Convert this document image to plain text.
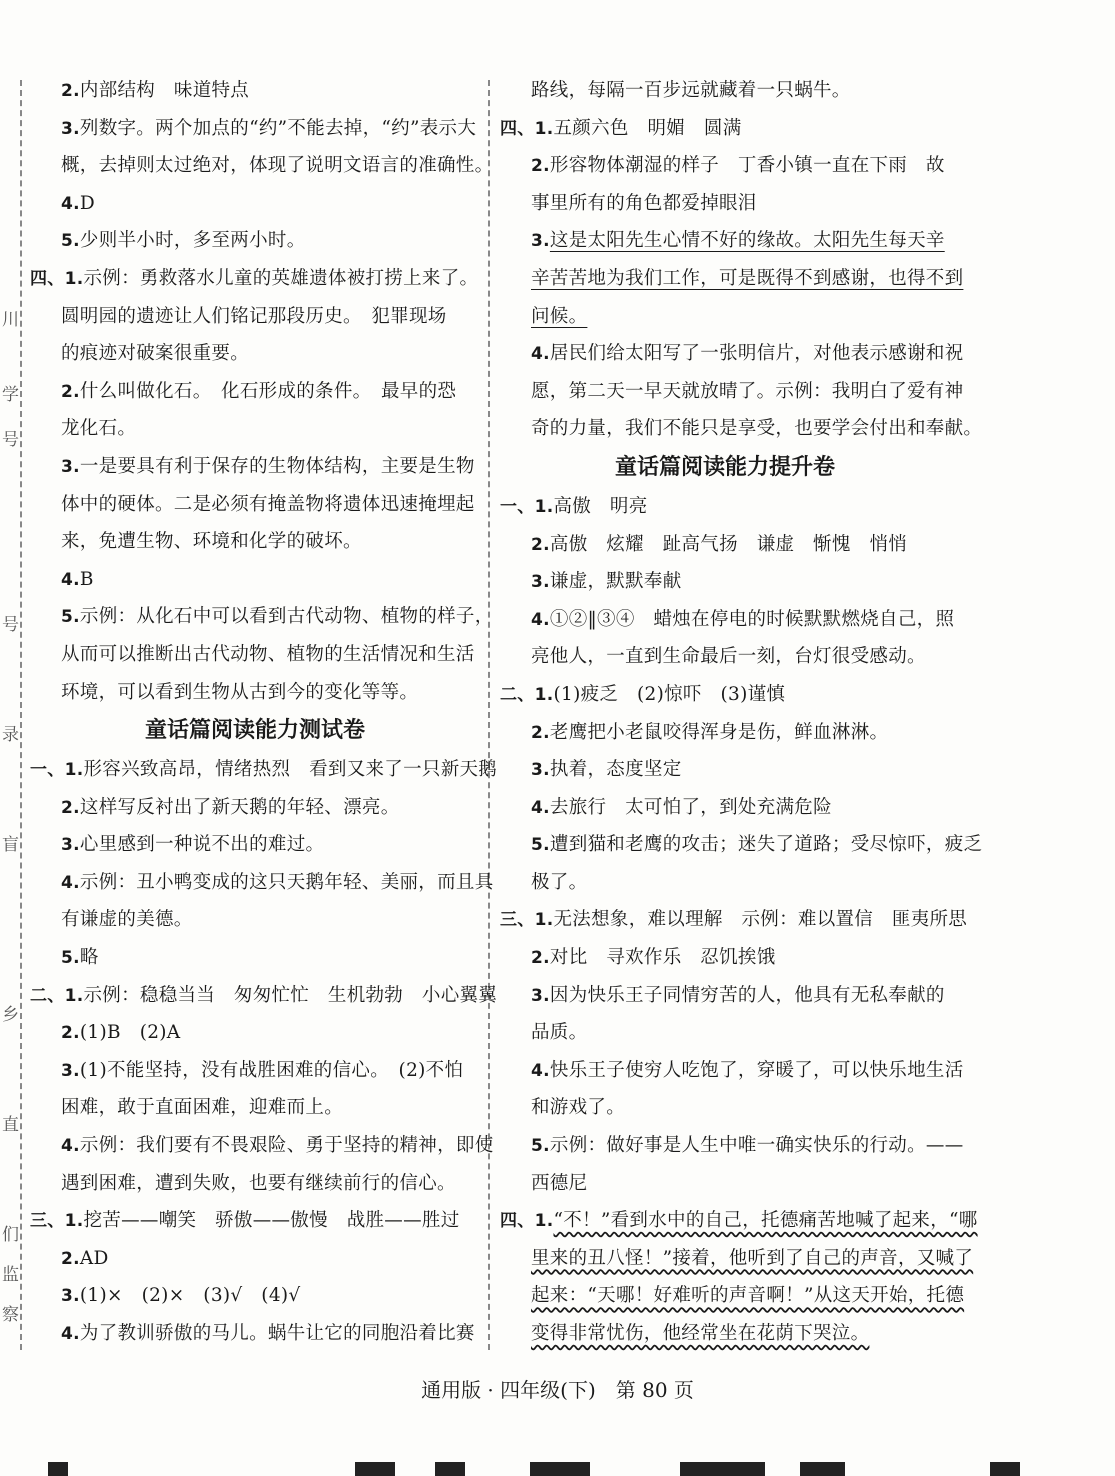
川
学
号
号
录
盲
乡
直
们
监
察
2.内部结构　味道特点
3.列数字。两个加点的“约”不能去掉，“约”表示大
概，去掉则太过绝对，体现了说明文语言的准确性。
4.D
5.少则半小时，多至两小时。
四、1.示例：勇救落水儿童的英雄遗体被打捞上来了。
圆明园的遗迹让人们铭记那段历史。　犯罪现场
的痕迹对破案很重要。
2.什么叫做化石。　化石形成的条件。　最早的恐
龙化石。
3.一是要具有利于保存的生物体结构，主要是生物
体中的硬体。二是必须有掩盖物将遗体迅速掩埋起
来，免遭生物、环境和化学的破坏。
4.B
5.示例：从化石中可以看到古代动物、植物的样子，
从而可以推断出古代动物、植物的生活情况和生活
环境，可以看到生物从古到今的变化等等。
童话篇阅读能力测试卷
一、1.形容兴致高昂，情绪热烈　看到又来了一只新天鹅
2.这样写反衬出了新天鹅的年轻、漂亮。
3.心里感到一种说不出的难过。
4.示例：丑小鸭变成的这只天鹅年轻、美丽，而且具
有谦虚的美德。
5.略
二、1.示例：稳稳当当　匆匆忙忙　生机勃勃　小心翼翼
2.(1)B　(2)A
3.(1)不能坚持，没有战胜困难的信心。　(2)不怕
困难，敢于直面困难，迎难而上。
4.示例：我们要有不畏艰险、勇于坚持的精神，即使
遇到困难，遭到失败，也要有继续前行的信心。
三、1.挖苦——嘲笑　骄傲——傲慢　战胜——胜过
2.AD
3.(1)×　(2)×　(3)√　(4)√
4.为了教训骄傲的马儿。蜗牛让它的同胞沿着比赛
路线，每隔一百步远就藏着一只蜗牛。
四、1.五颜六色　明媚　圆满
2.形容物体潮湿的样子　丁香小镇一直在下雨　故
事里所有的角色都爱掉眼泪
3.这是太阳先生心情不好的缘故。太阳先生每天辛
辛苦苦地为我们工作，可是既得不到感谢，也得不到
问候。
4.居民们给太阳写了一张明信片，对他表示感谢和祝
愿，第二天一早天就放晴了。示例：我明白了爱有神
奇的力量，我们不能只是享受，也要学会付出和奉献。
童话篇阅读能力提升卷
一、1.高傲　明亮
2.高傲　炫耀　趾高气扬　谦虚　惭愧　悄悄
3.谦虚，默默奉献
4.①②‖③④　蜡烛在停电的时候默默燃烧自己，照
亮他人，一直到生命最后一刻，台灯很受感动。
二、1.(1)疲乏　(2)惊吓　(3)谨慎
2.老鹰把小老鼠咬得浑身是伤，鲜血淋淋。
3.执着，态度坚定
4.去旅行　太可怕了，到处充满危险
5.遭到猫和老鹰的攻击；迷失了道路；受尽惊吓，疲乏
极了。
三、1.无法想象，难以理解　示例：难以置信　匪夷所思
2.对比　寻欢作乐　忍饥挨饿
3.因为快乐王子同情穷苦的人，他具有无私奉献的
品质。
4.快乐王子使穷人吃饱了，穿暖了，可以快乐地生活
和游戏了。
5.示例：做好事是人生中唯一确实快乐的行动。——
西德尼
四、1.“不！”看到水中的自己，托德痛苦地喊了起来，“哪
里来的丑八怪！”接着，他听到了自己的声音，又喊了
起来：“天哪！好难听的声音啊！”从这天开始，托德
变得非常忧伤，他经常坐在花荫下哭泣。
通用版 · 四年级(下)　第 80 页
